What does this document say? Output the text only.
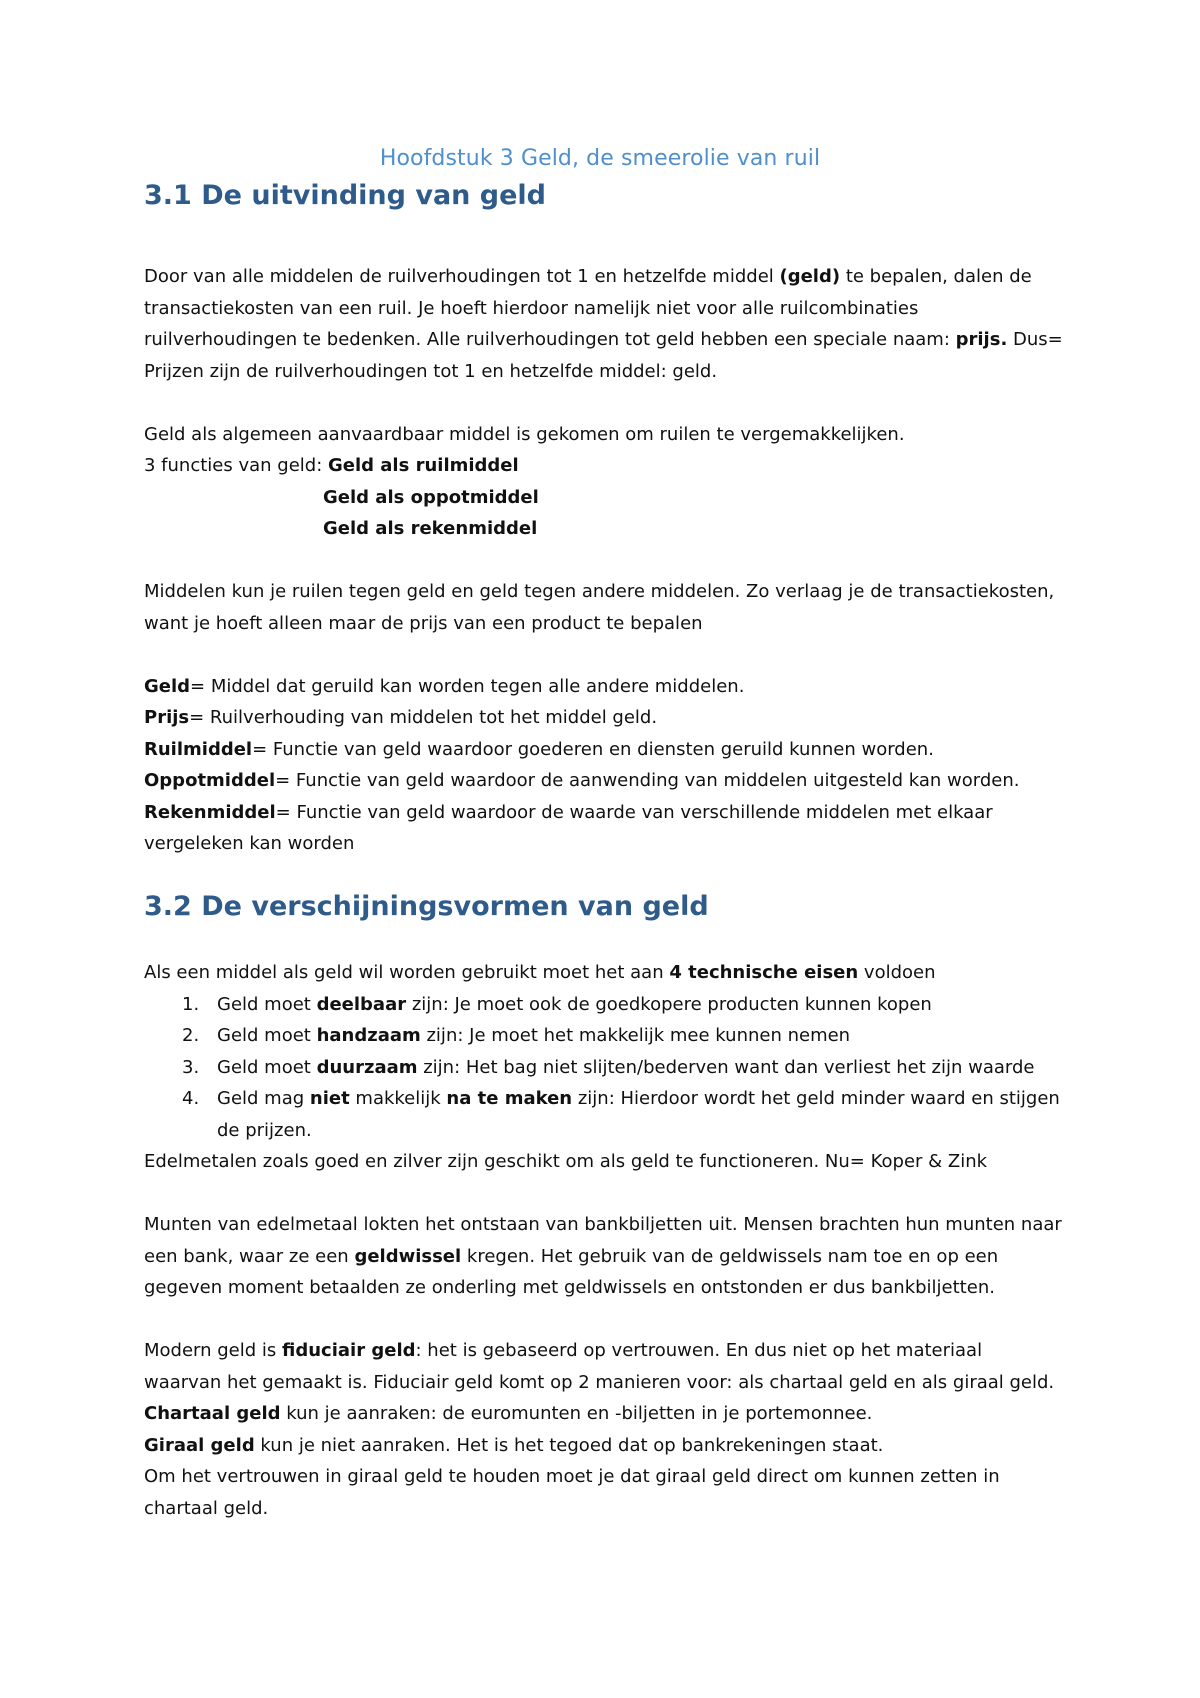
Hoofdstuk 3 Geld, de smeerolie van ruil
3.1 De uitvinding van geld

Door van alle middelen de ruilverhoudingen tot 1 en hetzelfde middel (geld) te bepalen, dalen de transactiekosten van een ruil. Je hoeft hierdoor namelijk niet voor alle ruilcombinaties ruilverhoudingen te bedenken. Alle ruilverhoudingen tot geld hebben een speciale naam: prijs. Dus= Prijzen zijn de ruilverhoudingen tot 1 en hetzelfde middel: geld.

Geld als algemeen aanvaardbaar middel is gekomen om ruilen te vergemakkelijken.

3 functies van geld: Geld als ruilmiddel

Geld als oppotmiddel

Geld als rekenmiddel

Middelen kun je ruilen tegen geld en geld tegen andere middelen. Zo verlaag je de transactiekosten, want je hoeft alleen maar de prijs van een product te bepalen

Geld= Middel dat geruild kan worden tegen alle andere middelen.

Prijs= Ruilverhouding van middelen tot het middel geld.

Ruilmiddel= Functie van geld waardoor goederen en diensten geruild kunnen worden.

Oppotmiddel= Functie van geld waardoor de aanwending van middelen uitgesteld kan worden.

Rekenmiddel= Functie van geld waardoor de waarde van verschillende middelen met elkaar vergeleken kan worden

3.2 De verschijningsvormen van geld

Als een middel als geld wil worden gebruikt moet het aan 4 technische eisen voldoen

1. Geld moet deelbaar zijn: Je moet ook de goedkopere producten kunnen kopen
2. Geld moet handzaam zijn: Je moet het makkelijk mee kunnen nemen
3. Geld moet duurzaam zijn: Het bag niet slijten/bederven want dan verliest het zijn waarde
4. Geld mag niet makkelijk na te maken zijn: Hierdoor wordt het geld minder waard en stijgen de prijzen.

Edelmetalen zoals goed en zilver zijn geschikt om als geld te functioneren. Nu= Koper & Zink

Munten van edelmetaal lokten het ontstaan van bankbiljetten uit. Mensen brachten hun munten naar een bank, waar ze een geldwissel kregen. Het gebruik van de geldwissels nam toe en op een gegeven moment betaalden ze onderling met geldwissels en ontstonden er dus bankbiljetten.

Modern geld is fiduciair geld: het is gebaseerd op vertrouwen. En dus niet op het materiaal waarvan het gemaakt is. Fiduciair geld komt op 2 manieren voor: als chartaal geld en als giraal geld.

Chartaal geld kun je aanraken: de euromunten en -biljetten in je portemonnee.

Giraal geld kun je niet aanraken. Het is het tegoed dat op bankrekeningen staat.

Om het vertrouwen in giraal geld te houden moet je dat giraal geld direct om kunnen zetten in chartaal geld.
